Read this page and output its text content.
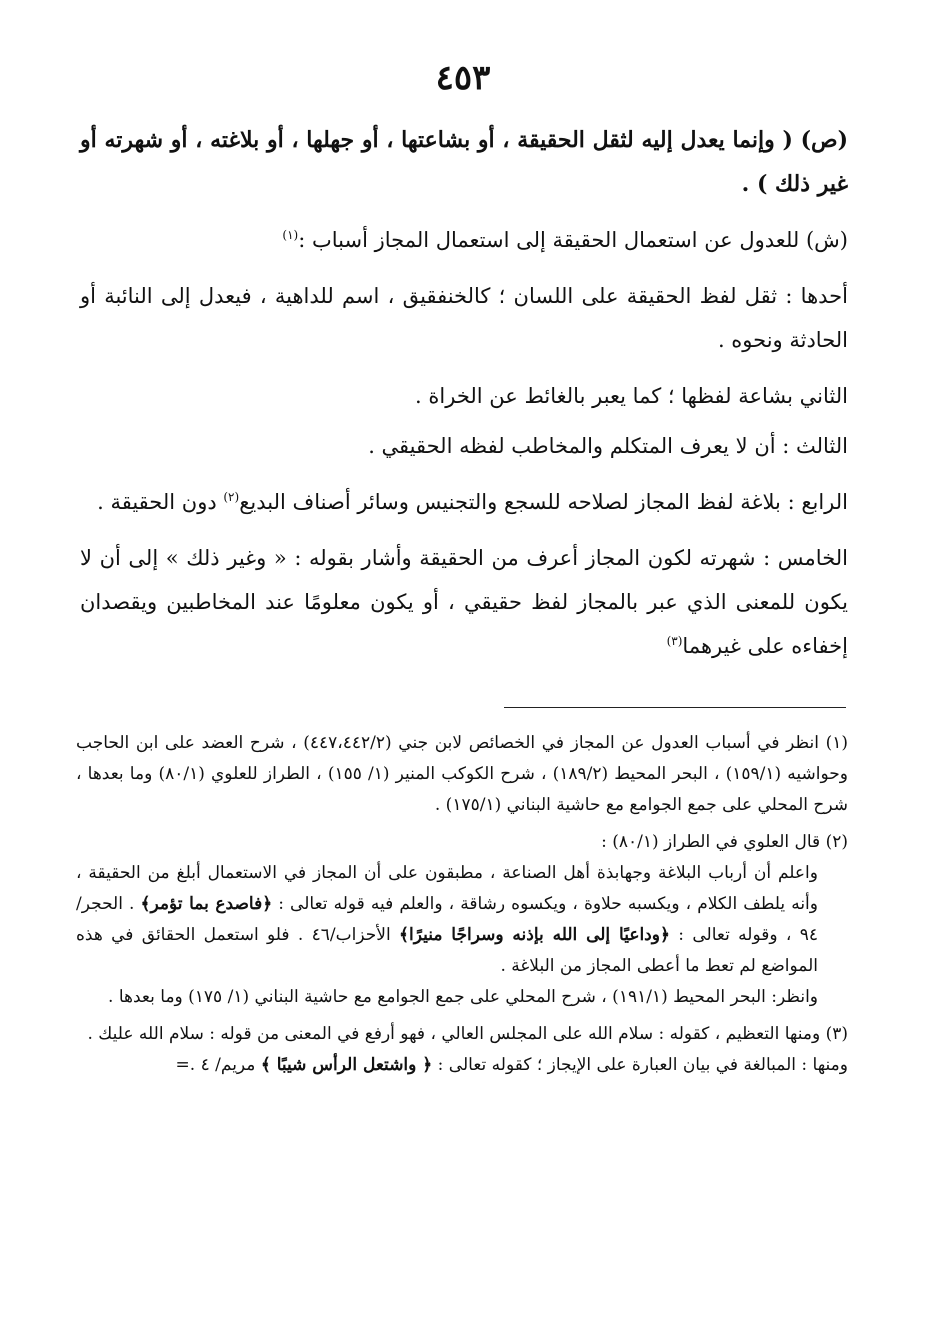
٤٥٣

(ص) ( وإنما يعدل إليه لثقل الحقيقة ، أو بشاعتها ، أو جهلها ، أو بلاغته ، أو شهرته أو غير ذلك ) .

(ش) للعدول عن استعمال الحقيقة إلى استعمال المجاز أسباب :$^{(١)}$

أحدها : ثقل لفظ الحقيقة على اللسان ؛ كالخنفقيق ، اسم للداهية ، فيعدل إلى النائبة أو الحادثة ونحوه .

الثاني بشاعة لفظها ؛ كما يعبر بالغائط عن الخراة .

الثالث : أن لا يعرف المتكلم والمخاطب لفظه الحقيقي .

الرابع : بلاغة لفظ المجاز لصلاحه للسجع والتجنيس وسائر أصناف البديع$^{(٢)}$ دون الحقيقة .

الخامس : شهرته لكون المجاز أعرف من الحقيقة وأشار بقوله : « وغير ذلك » إلى أن لا يكون للمعنى الذي عبر بالمجاز لفظ حقيقي ، أو يكون معلومًا عند المخاطبين ويقصدان إخفاءه على غيرهما$^{(٣)}$

(١) انظر في أسباب العدول عن المجاز في الخصائص لابن جني (٤٤٧،٤٤٢/٢) ، شرح العضد على ابن الحاجب وحواشيه (١٥٩/١) ، البحر المحيط (١٨٩/٢) ، شرح الكوكب المنير (١/ ١٥٥) ، الطراز للعلوي (٨٠/١) وما بعدها ، شرح المحلي على جمع الجوامع مع حاشية البناني (١٧٥/١) .

(٢) قال العلوي في الطراز (٨٠/١) :

واعلم أن أرباب البلاغة وجهابذة أهل الصناعة ، مطبقون على أن المجاز في الاستعمال أبلغ من الحقيقة ، وأنه يلطف الكلام ، ويكسبه حلاوة ، ويكسوه رشاقة ، والعلم فيه قوله تعالى : ﴿فاصدع بما تؤمر﴾ . الحجر/٩٤ ، وقوله تعالى : ﴿وداعيًا إلى الله بإذنه وسراجًا منيرًا﴾ الأحزاب/٤٦ . فلو استعمل الحقائق في هذه المواضع لم تعط ما أعطى المجاز من البلاغة .

وانظر: البحر المحيط (١٩١/١) ، شرح المحلي على جمع الجوامع مع حاشية البناني (١/ ١٧٥) وما بعدها .

(٣) ومنها التعظيم ، كقوله : سلام الله على المجلس العالي ، فهو أرفع في المعنى من قوله : سلام الله عليك .

ومنها : المبالغة في بيان العبارة على الإيجاز ؛ كقوله تعالى : ﴿ واشتعل الرأس شيبًا ﴾ مريم/ ٤ .=
